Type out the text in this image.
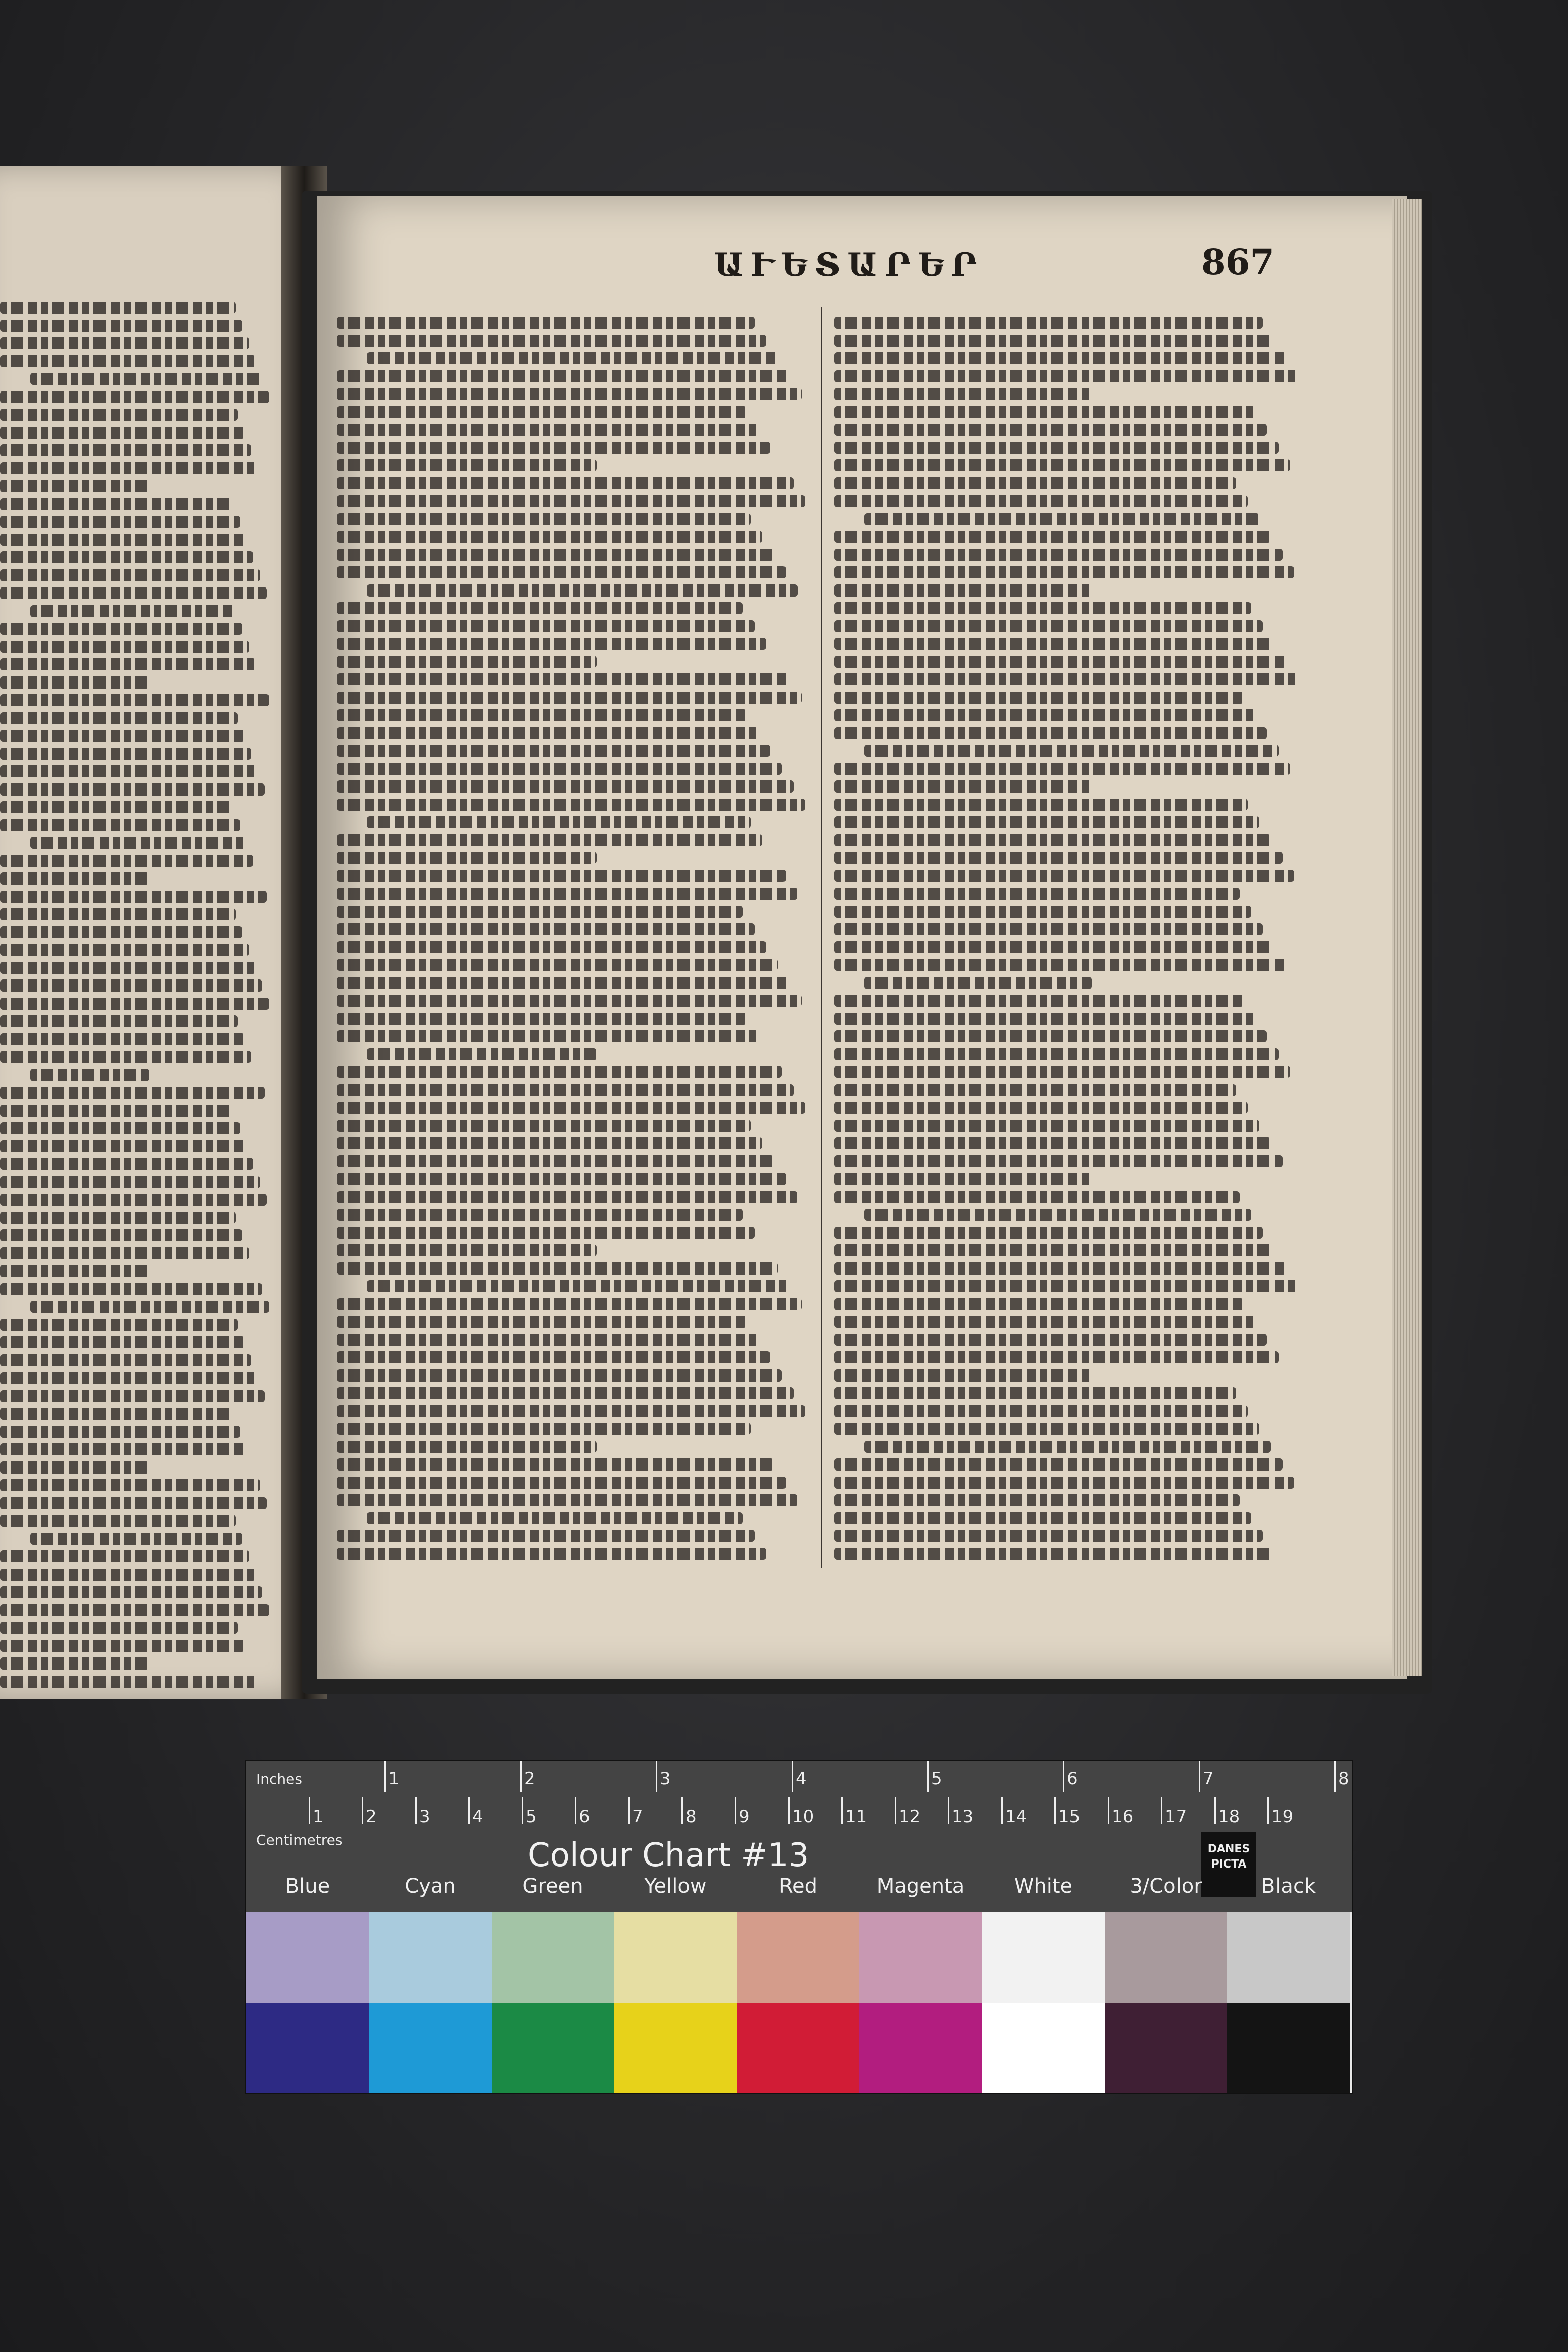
ԱՒԵՏԱՐԵՐ	867
Inches
Centimetres
1	2	3	4	5	6	7	8
1 2 3 4 5 6 7 8 9 10 11 12 13 14 15 16 17 18 19
Colour Chart #13	DANES PICTA
Blue	Cyan	Green	Yellow	Red	Magenta	White	3/Color	Black
